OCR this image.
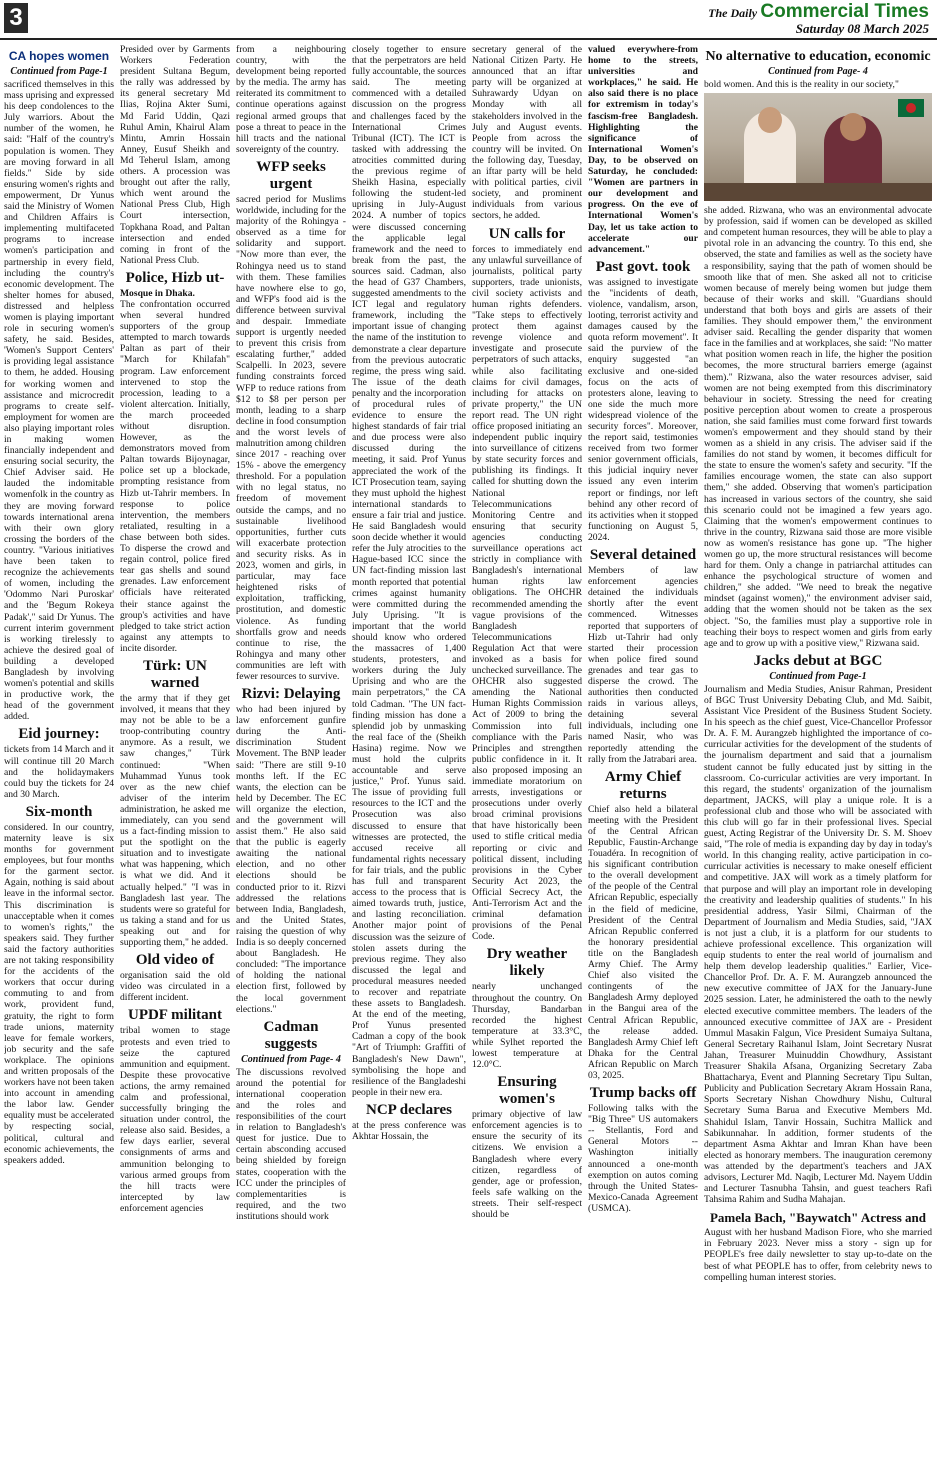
3	The Daily Commercial Times
Saturday 08 March 2025
CA hopes women
Continued from Page-1

sacrificed themselves in this mass uprising and expressed his deep condolences to the July warriors. About the number of the women, he said: "Half of the country's population is women. They are moving forward in all fields." Side by side ensuring women's rights and empowerment, Dr Yunus said the Ministry of Women and Children Affairs is implementing multifaceted programs to increase women's participation and partnership in every field, including the country's economic development. The shelter homes for abused, distressed and helpless women is playing important role in securing women's safety, he said. Besides, 'Women's Support Centers' is providing legal assistance to them, he added. Housing for working women and assistance and microcredit programs to create self-employment for women are also playing important roles in making women financially independent and ensuring social security, the Chief Adviser said. He lauded the indomitable womenfolk in the country as they are moving forward towards international arena with their own glory crossing the borders of the country. "Various initiatives have been taken to recognize the achievements of women, including the 'Odommo Nari Puroskar' and the 'Begum Rokeya Padak'," said Dr Yunus. The current interim government is working tirelessly to achieve the desired goal of building a developed Bangladesh by involving women's potential and skills in productive work, the head of the government added.

Eid journey:

tickets from 14 March and it will continue till 20 March and the holidaymakers could buy the tickets for 24 and 30 March.

Six-month

considered. In our country, maternity leave is six months for government employees, but four months for the garment sector. Again, nothing is said about leave in the informal sector. This discrimination is unacceptable when it comes to women's rights," the speakers said. They further said the factory authorities are not taking responsibility for the accidents of the workers that occur during commuting to and from work, provident fund, gratuity, the right to form trade unions, maternity leave for female workers, job security and the safe workplace. The opinions and written proposals of the workers have not been taken into account in amending the labor law. Gender equality must be accelerated by respecting social, political, cultural and economic achievements, the speakers added.

Presided over by Garments Workers Federation president Sultana Begum, the rally was addressed by its general secretary Md Ilias, Rojina Akter Sumi, Md Farid Uddin, Qazi Ruhul Amin, Khairul Alam Mintu, Amrin Hossain Anney, Eusuf Sheikh and Md Teherul Islam, among others. A procession was brought out after the rally, which went around the National Press Club, High Court intersection, Topkhana Road, and Paltan intersection and ended coming in front of the National Press Club.

Police, Hizb ut-

Mosque in Dhaka.

The confrontation occurred when several hundred supporters of the group attempted to march towards Paltan as part of their "March for Khilafah" program. Law enforcement intervened to stop the procession, leading to a violent altercation. Initially, the march proceeded without disruption. However, as the demonstrators moved from Paltan towards Bijoynagar, police set up a blockade, prompting resistance from Hizb ut-Tahrir members. In response to police intervention, the members retaliated, resulting in a chase between both sides. To disperse the crowd and regain control, police fired tear gas shells and sound grenades. Law enforcement officials have reiterated their stance against the group's activities and have pledged to take strict action against any attempts to incite disorder.

Türk: UN warned

the army that if they get involved, it means that they may not be able to be a troop-contributing country anymore. As a result, we saw changes," Türk continued: "When Muhammad Yunus took over as the new chief adviser of the interim administration, he asked me immediately, can you send us a fact-finding mission to put the spotlight on the situation and to investigate what was happening, which is what we did. And it actually helped." "I was in Bangladesh last year. The students were so grateful for us taking a stand and for us speaking out and for supporting them," he added.

Old video of

organisation said the old video was circulated in a different incident.

UPDF militant

tribal women to stage protests and even tried to seize the captured ammunition and equipment. Despite these provocative actions, the army remained calm and professional, successfully bringing the situation under control, the release also said. Besides, a few days earlier, several consignments of arms and ammunition belonging to various armed groups from the hill tracts were intercepted by law enforcement agencies

from a neighbouring country, with the development being reported by the media. The army has reiterated its commitment to continue operations against regional armed groups that pose a threat to peace in the hill tracts and the national sovereignty of the country.

WFP seeks urgent

sacred period for Muslims worldwide, including for the majority of the Rohingya - observed as a time for solidarity and support. "Now more than ever, the Rohingya need us to stand with them. These families have nowhere else to go, and WFP's food aid is the difference between survival and despair. Immediate support is urgently needed to prevent this crisis from escalating further," added Scalpelli. In 2023, severe funding constraints forced WFP to reduce rations from $12 to $8 per person per month, leading to a sharp decline in food consumption and the worst levels of malnutrition among children since 2017 - reaching over 15% - above the emergency threshold. For a population with no legal status, no freedom of movement outside the camps, and no sustainable livelihood opportunities, further cuts will exacerbate protection and security risks. As in 2023, women and girls, in particular, may face heightened risks of exploitation, trafficking, prostitution, and domestic violence. As funding shortfalls grow and needs continue to rise, the Rohingya and many other communities are left with fewer resources to survive.

Rizvi: Delaying

who had been injured by law enforcement gunfire during the Anti-discrimination Student Movement. The BNP leader said: "There are still 9-10 months left. If the EC wants, the election can be held by December. The EC will organize the election, and the government will assist them." He also said that the public is eagerly awaiting the national election, and no other elections should be conducted prior to it. Rizvi addressed the relations between India, Bangladesh, and the United States, raising the question of why India is so deeply concerned about Bangladesh. He concluded: "The importance of holding the national election first, followed by the local government elections."

Cadman suggests
Continued from Page- 4

The discussions revolved around the potential for international cooperation and the roles and responsibilities of the court in relation to Bangladesh's quest for justice. Due to certain absconding accused being shielded by foreign states, cooperation with the ICC under the principles of complementarities is required, and the two institutions should work

closely together to ensure that the perpetrators are held fully accountable, the sources said. The meeting commenced with a detailed discussion on the progress and challenges faced by the International Crimes Tribunal (ICT). The ICT is tasked with addressing the atrocities committed during the previous regime of Sheikh Hasina, especially following the student-led uprising in July-August 2024. A number of topics were discussed concerning the applicable legal framework and the need to break from the past, the sources said. Cadman, also the head of G37 Chambers, suggested amendments to the ICT legal and regulatory framework, including the important issue of changing the name of the institution to demonstrate a clear departure from the previous autocratic regime, the press wing said. The issue of the death penalty and the incorporation of procedural rules of evidence to ensure the highest standards of fair trial and due process were also discussed during the meeting, it said. Prof Yunus appreciated the work of the ICT Prosecution team, saying they must uphold the highest international standards to ensure a fair trial and justice. He said Bangladesh would soon decide whether it would refer the July atrocities to the Hague-based ICC since the UN fact-finding mission last month reported that potential crimes against humanity were committed during the July Uprising. "It is important that the world should know who ordered the massacres of 1,400 students, protesters, and workers during the July Uprising and who are the main perpetrators," the CA told Cadman. "The UN fact-finding mission has done a splendid job by unmasking the real face of the (Sheikh Hasina) regime. Now we must hold the culprits accountable and serve justice," Prof. Yunus said. The issue of providing full resources to the ICT and the Prosecution was also discussed to ensure that witnesses are protected, the accused receive all fundamental rights necessary for fair trials, and the public has full and transparent access to the process that is aimed towards truth, justice, and lasting reconciliation. Another major point of discussion was the seizure of stolen assets during the previous regime. They also discussed the legal and procedural measures needed to recover and repatriate these assets to Bangladesh. At the end of the meeting, Prof Yunus presented Cadman a copy of the book "Art of Triumph: Graffiti of Bangladesh's New Dawn", symbolising the hope and resilience of the Bangladeshi people in their new era.

NCP declares

at the press conference was Akhtar Hossain, the

secretary general of the National Citizen Party. He announced that an iftar party will be organized at Suhrawardy Udyan on Monday with all stakeholders involved in the July and August events. People from across the country will be invited. On the following day, Tuesday, an iftar party will be held with political parties, civil society, and prominent individuals from various sectors, he added.

UN calls for

forces to immediately end any unlawful surveillance of journalists, political party supporters, trade unionists, civil society activists and human rights defenders. "Take steps to effectively protect them against revenge violence and investigate and prosecute perpetrators of such attacks, while also facilitating claims for civil damages, including for attacks on private property," the UN report read. The UN right office proposed initiating an independent public inquiry into surveillance of citizens by state security forces and publishing its findings. It called for shutting down the National Telecommunications Monitoring Centre and ensuring that security agencies conducting surveillance operations act strictly in compliance with Bangladesh's international human rights law obligations. The OHCHR recommended amending the vague provisions of the Bangladesh Telecommunications Regulation Act that were invoked as a basis for unchecked surveillance. The OHCHR also suggested amending the National Human Rights Commission Act of 2009 to bring the Commission into full compliance with the Paris Principles and strengthen public confidence in it. It also proposed imposing an immediate moratorium on arrests, investigations or prosecutions under overly broad criminal provisions that have historically been used to stifle critical media reporting or civic and political dissent, including provisions in the Cyber Security Act 2023, the Official Secrecy Act, the Anti-Terrorism Act and the criminal defamation provisions of the Penal Code.

Dry weather likely

nearly unchanged throughout the country. On Thursday, Bandarban recorded the highest temperature at 33.3°C, while Sylhet reported the lowest temperature at 12.0°C.

Ensuring women's

primary objective of law enforcement agencies is to ensure the security of its citizens. We envision a Bangladesh where every citizen, regardless of gender, age or profession, feels safe walking on the streets. Their self-respect should be

valued everywhere-from home to the streets, universities and workplaces," he said. He also said there is no place for extremism in today's fascism-free Bangladesh. Highlighting the significance of International Women's Day, to be observed on Saturday, he concluded: "Women are partners in our development and progress. On the eve of International Women's Day, let us take action to accelerate our advancement."

Past govt. took

was assigned to investigate the "incidents of death, violence, vandalism, arson, looting, terrorist activity and damages caused by the quota reform movement". It said the purview of the enquiry suggested "an exclusive and one-sided focus on the acts of protesters alone, leaving to one side the much more widespread violence of the security forces". Moreover, the report said, testimonies received from two former senior government officials, this judicial inquiry never issued any even interim report or findings, nor left behind any other record of its activities when it stopped functioning on August 5, 2024.

Several detained

Members of law enforcement agencies detained the individuals shortly after the event commenced. Witnesses reported that supporters of Hizb ut-Tahrir had only started their procession when police fired sound grenades and tear gas to disperse the crowd. The authorities then conducted raids in various alleys, detaining several individuals, including one named Nasir, who was reportedly attending the rally from the Jatrabari area.

Army Chief returns

Chief also held a bilateral meeting with the President of the Central African Republic, Faustin-Archange Touadéra. In recognition of his significant contribution to the overall development of the people of the Central African Republic, especially in the field of medicine, President of the Central African Republic conferred the honorary presidential title on the Bangladesh Army Chief. The Army Chief also visited the contingents of the Bangladesh Army deployed in the Bangui area of the Central African Republic, the release added. Bangladesh Army Chief left Dhaka for the Central African Republic on March 03, 2025.

Trump backs off

Following talks with the "Big Three" US automakers -- Stellantis, Ford and General Motors -- Washington initially announced a one-month exemption on autos coming through the United States-Mexico-Canada Agreement (USMCA).

No alternative to education, economic
Continued from Page- 4

bold women. And this is the reality in our society,"

she added. Rizwana, who was an environmental advocate by profession, said if women can be developed as skilled and competent human resources, they will be able to play a pivotal role in an advancing the country. To this end, she observed, the state and families as well as the society have a responsibility, saying that the path of women should be smooth like that of men. She asked all not to criticise women because of merely being women but judge them because of their works and skill. "Guardians should understand that both boys and girls are assets of their families. They should empower them," the environment adviser said. Recalling the gender disparity that women face in the families and at workplaces, she said: "No matter what position women reach in life, the higher the position becomes, the more structural barriers emerge (against them)." Rizwana, also the water resources adviser, said women are not being exempted from this discriminatory behaviour in society. Stressing the need for creating positive perception about women to create a prosperous nation, she said families must come forward first towards women's empowerment and they should stand by their women as a shield in any crisis. The adviser said if the families do not stand by women, it becomes difficult for the state to ensure the women's safety and security. "If the families encourage women, the state can also support them," she added. Observing that women's participation has increased in various sectors of the country, she said this scenario could not be imagined a few years ago. Claiming that the women's empowerment continues to thrive in the country, Rizwana said those are more visible now as women's resistance has gone up. "The higher women go up, the more structural resistances will become hard for them. Only a change in patriarchal attitudes can enhance the psychological structure of women and children," she added. "We need to break the negative mindset (against women)," the environment adviser said, adding that the women should not be taken as the sex object. "So, the families must play a supportive role in teaching their boys to respect women and girls from early age and to grow up with a positive view," Rizwana said.

Jacks debut at BGC
Continued from Page-1

Journalism and Media Studies, Anisur Rahman, President of BGC Trust University Debating Club, and Md. Saibit, Assistant Vice President of the Business Student Society. In his speech as the chief guest, Vice-Chancellor Professor Dr. A. F. M. Aurangzeb highlighted the importance of co-curricular activities for the development of the students of the journalism department and said that a journalism student cannot be fully educated just by sitting in the classroom. Co-curricular activities are very important. In this regard, the students' organization of the journalism department, JACKS, will play a unique role. It is a professional club and those who will be associated with this club will go far in their professional lives. Special guest, Acting Registrar of the University Dr. S. M. Shoev said, "The role of media is expanding day by day in today's world. In this changing reality, active participation in co-curricular activities is necessary to make oneself efficient and competitive. JAX will work as a timely platform for that purpose and will play an important role in developing the creativity and leadership qualities of students." In his presidential address, Yasir Silmi, Chairman of the Department of Journalism and Media Studies, said, "JAX is not just a club, it is a platform for our students to achieve professional excellence. This organization will equip students to enter the real world of journalism and help them develop leadership qualities." Earlier, Vice-Chancellor Prof. Dr. A. F. M. Aurangzeb announced the new executive committee of JAX for the January-June 2025 session. Later, he administered the oath to the newly elected executive committee members. The leaders of the announced executive committee of JAX are - President Ummul Masakin Falgun, Vice President Sumaiya Sultana, General Secretary Raihanul Islam, Joint Secretary Nusrat Jahan, Treasurer Muinuddin Chowdhury, Assistant Treasurer Shakila Afsana, Organizing Secretary Zaba Bhattacharya, Event and Planning Secretary Tipu Sultan, Publicity and Publication Secretary Akram Hossain Rana, Sports Secretary Nishan Chowdhury Nishu, Cultural Secretary Suma Barua and Executive Members Md. Shahidul Islam, Tanvir Hossain, Suchitra Mallick and Sabikunnahar. In addition, former students of the department Asma Akhtar and Imran Khan have been elected as honorary members. The inauguration ceremony was attended by the department's teachers and JAX advisors, Lecturer Md. Naqib, Lecturer Md. Nayem Uddin and Lecturer Tasnubha Tahsin, and guest teachers Rafi Tahsima Rahim and Sudha Mahajan.

Pamela Bach, "Baywatch" Actress and

August with her husband Madison Fiore, who she married in February 2023. Never miss a story - sign up for PEOPLE's free daily newsletter to stay up-to-date on the best of what PEOPLE has to offer, from celebrity news to compelling human interest stories.
